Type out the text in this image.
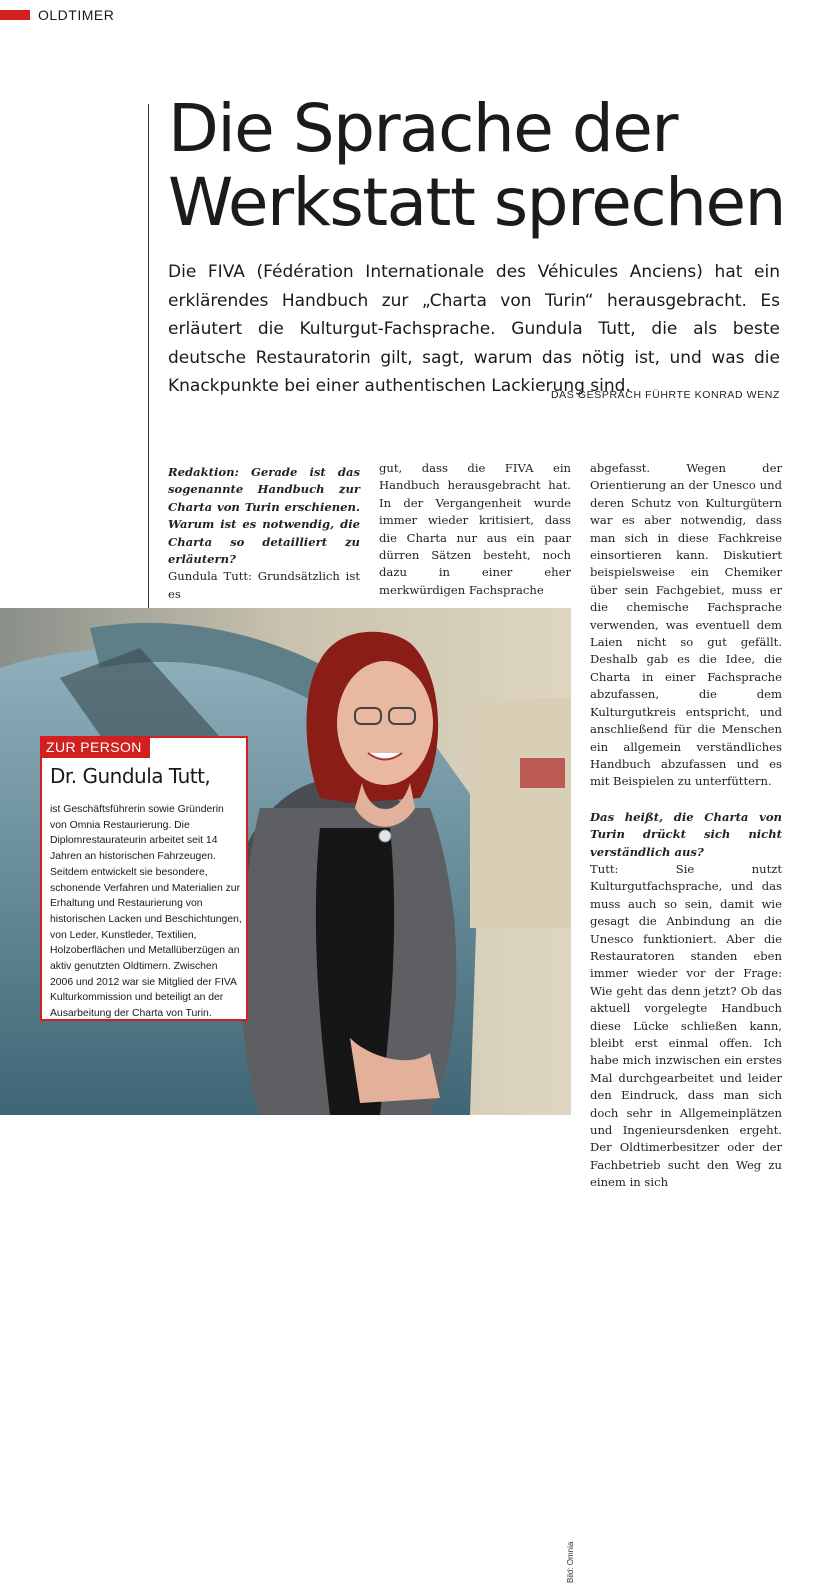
OLDTIMER
Die Sprache der
Werkstatt sprechen

Die FIVA (Fédération Internationale des Véhicules Anciens) hat ein erklärendes Handbuch zur „Charta von Turin“ herausgebracht. Es erläutert die Kulturgut-Fachsprache. Gundula Tutt, die als beste deutsche Restauratorin gilt, sagt, warum das nötig ist, und was die Knackpunkte bei einer authentischen Lackierung sind.

DAS GESPRÄCH FÜHRTE KONRAD WENZ

Redaktion: Gerade ist das sogenannte Handbuch zur Charta von Turin erschienen. Warum ist es notwendig, die Charta so detailliert zu erläutern?

Gundula Tutt: Grundsätzlich ist es

gut, dass die FIVA ein Handbuch herausgebracht hat. In der Vergangenheit wurde immer wieder kritisiert, dass die Charta nur aus ein paar dürren Sätzen besteht, noch dazu in einer eher merkwürdigen Fachsprache

abgefasst. Wegen der Orientierung an der Unesco und deren Schutz von Kulturgütern war es aber notwendig, dass man sich in diese Fachkreise einsortieren kann. Diskutiert beispielsweise ein Chemiker über sein Fachgebiet, muss er die chemische Fachsprache verwenden, was eventuell dem Laien nicht so gut gefällt. Deshalb gab es die Idee, die Charta in einer Fachsprache abzufassen, die dem Kulturgutkreis entspricht, und anschließend für die Menschen ein allgemein verständliches Handbuch abzufassen und es mit Beispielen zu unterfüttern.

Das heißt, die Charta von Turin drückt sich nicht verständlich aus?

Tutt: Sie nutzt Kulturgutfachsprache, und das muss auch so sein, damit wie gesagt die Anbindung an die Unesco funktioniert. Aber die Restauratoren standen eben immer wieder vor der Frage: Wie geht das denn jetzt? Ob das aktuell vorgelegte Handbuch diese Lücke schließen kann, bleibt erst einmal offen. Ich habe mich inzwischen ein erstes Mal durchgearbeitet und leider den Eindruck, dass man sich doch sehr in Allgemeinplätzen und Ingenieursdenken ergeht. Der Oldtimerbesitzer oder der Fachbetrieb sucht den Weg zu einem in sich

Bild: Omnia
ZUR PERSON
Dr. Gundula Tutt,

ist Geschäftsführerin sowie Gründerin von Omnia Restaurierung. Die Diplomrestaurateurin arbeitet seit 14 Jahren an historischen Fahrzeugen. Seitdem entwickelt sie besondere, schonende Verfahren und Materialien zur Erhaltung und Restaurierung von historischen Lacken und Beschichtungen, von Leder, Kunstleder, Textilien, Holzoberflächen und Metallüberzügen an aktiv genutzten Oldtimern. Zwischen 2006 und 2012 war sie Mitglied der FIVA Kulturkommission und beteiligt an der Ausarbeitung der Charta von Turin.
